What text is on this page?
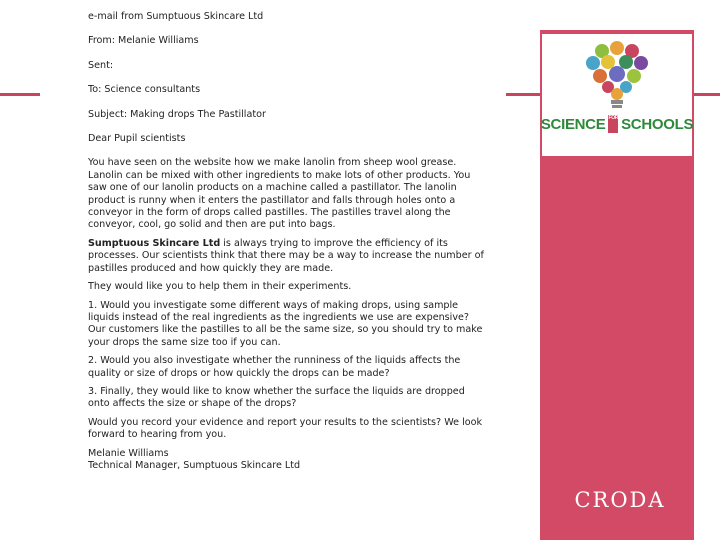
SCIENCE FOR SCHOOLS
CRODA

e-mail from Sumptuous Skincare Ltd

From: Melanie Williams

Sent:

To: Science consultants

Subject: Making drops The Pastillator

Dear Pupil scientists

You have seen on the website how we make lanolin from sheep wool grease. Lanolin can be mixed with other ingredients to make lots of other products. You saw one of our lanolin products on a machine called a pastillator. The lanolin product is runny when it enters the pastillator and falls through holes onto a conveyor in the form of drops called pastilles. The pastilles travel along the conveyor, cool, go solid and then are put into bags.

Sumptuous Skincare Ltd is always trying to improve the efficiency of its processes. Our scientists think that there may be a way to increase the number of pastilles produced and how quickly they are made.

They would like you to help them in their experiments.

1. Would you investigate some different ways of making drops, using sample liquids instead of the real ingredients as the ingredients we use are expensive? Our customers like the pastilles to all be the same size, so you should try to make your drops the same size too if you can.

2. Would you also investigate whether the runniness of the liquids affects the quality or size of drops or how quickly the drops can be made?

3. Finally, they would like to know whether the surface the liquids are dropped onto affects the size or shape of the drops?

Would you record your evidence and report your results to the scientists? We look forward to hearing from you.

Melanie Williams
Technical Manager, Sumptuous Skincare Ltd
